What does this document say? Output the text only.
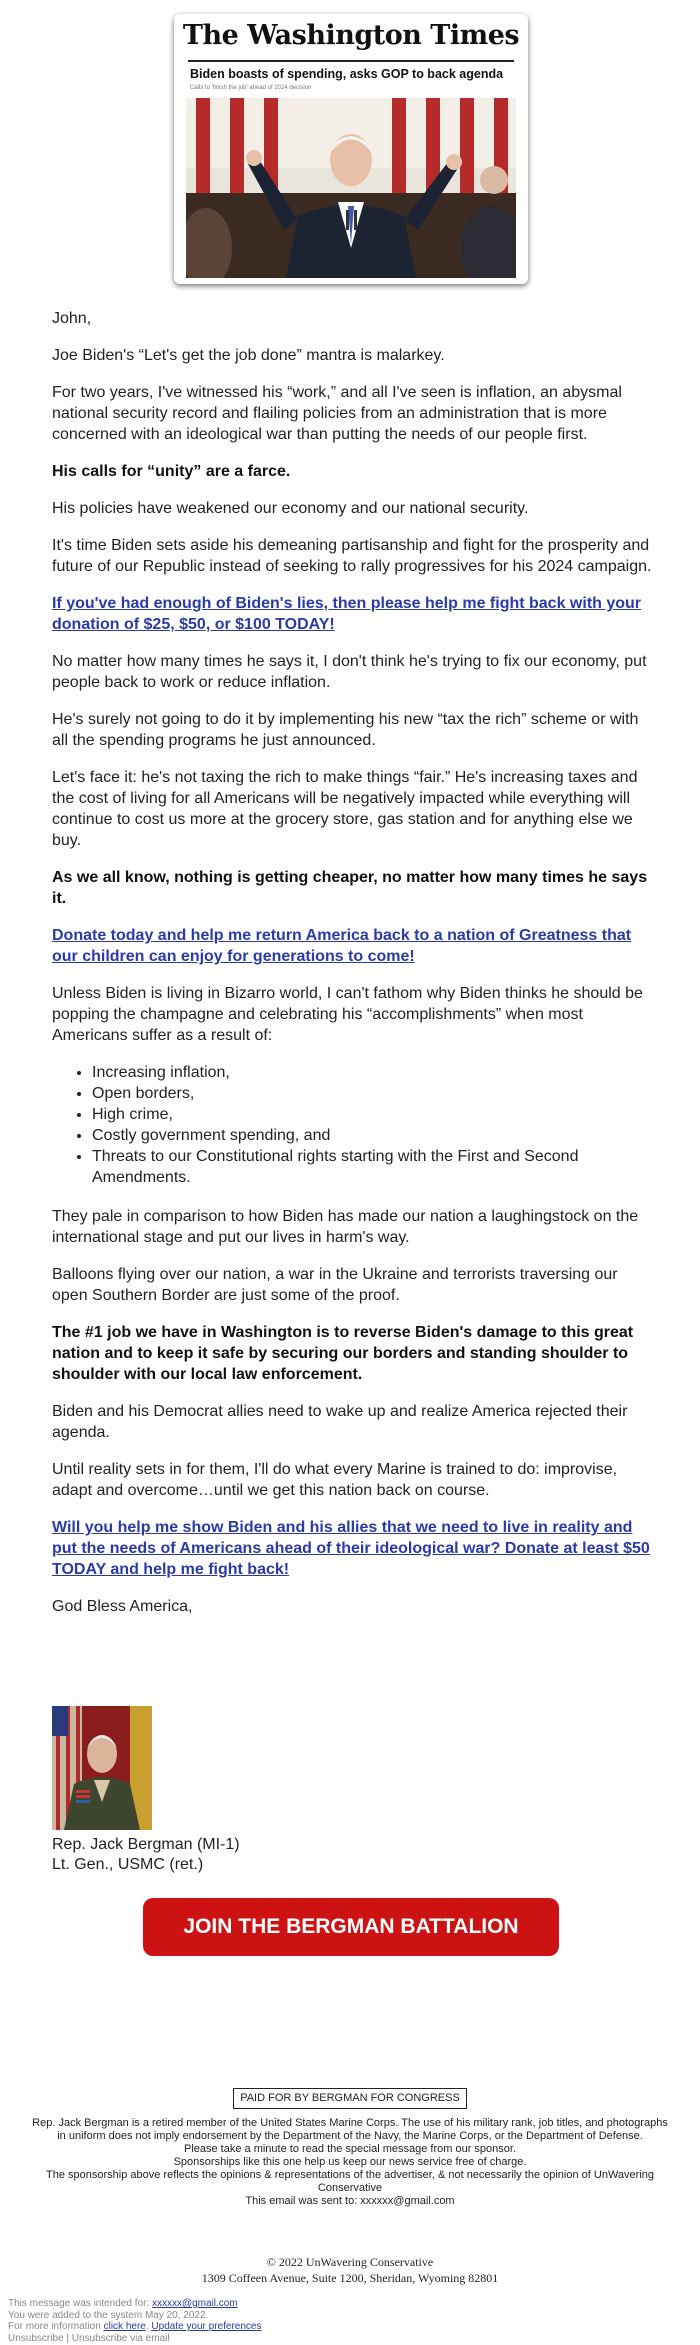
The Washington Times
Biden boasts of spending, asks GOP to back agenda
Calls to 'finish the job' ahead of 2024 decision

John,

Joe Biden's “Let's get the job done” mantra is malarkey.

For two years, I've witnessed his “work,” and all I've seen is inflation, an abysmal national security record and flailing policies from an administration that is more concerned with an ideological war than putting the needs of our people first.

His calls for “unity” are a farce.

His policies have weakened our economy and our national security.

It's time Biden sets aside his demeaning partisanship and fight for the prosperity and future of our Republic instead of seeking to rally progressives for his 2024 campaign.

If you've had enough of Biden's lies, then please help me fight back with your donation of $25, $50, or $100 TODAY!

No matter how many times he says it, I don't think he's trying to fix our economy, put people back to work or reduce inflation.

He's surely not going to do it by implementing his new “tax the rich” scheme or with all the spending programs he just announced.

Let's face it: he's not taxing the rich to make things “fair.” He's increasing taxes and the cost of living for all Americans will be negatively impacted while everything will continue to cost us more at the grocery store, gas station and for anything else we buy.

As we all know, nothing is getting cheaper, no matter how many times he says it.

Donate today and help me return America back to a nation of Greatness that our children can enjoy for generations to come!

Unless Biden is living in Bizarro world, I can't fathom why Biden thinks he should be popping the champagne and celebrating his “accomplishments” when most Americans suffer as a result of:

• Increasing inflation,
• Open borders,
• High crime,
• Costly government spending, and
• Threats to our Constitutional rights starting with the First and Second Amendments.

They pale in comparison to how Biden has made our nation a laughingstock on the international stage and put our lives in harm's way.

Balloons flying over our nation, a war in the Ukraine and terrorists traversing our open Southern Border are just some of the proof.

The #1 job we have in Washington is to reverse Biden's damage to this great nation and to keep it safe by securing our borders and standing shoulder to shoulder with our local law enforcement.

Biden and his Democrat allies need to wake up and realize America rejected their agenda.

Until reality sets in for them, I'll do what every Marine is trained to do: improvise, adapt and overcome…until we get this nation back on course.

Will you help me show Biden and his allies that we need to live in reality and put the needs of Americans ahead of their ideological war? Donate at least $50 TODAY and help me fight back!

God Bless America,

Rep. Jack Bergman (MI-1)
Lt. Gen., USMC (ret.)
JOIN THE BERGMAN BATTALION
PAID FOR BY BERGMAN FOR CONGRESS
Rep. Jack Bergman is a retired member of the United States Marine Corps. The use of his military rank, job titles, and photographs in uniform does not imply endorsement by the Department of the Navy, the Marine Corps, or the Department of Defense.
Please take a minute to read the special message from our sponsor.
Sponsorships like this one help us keep our news service free of charge.
The sponsorship above reflects the opinions & representations of the advertiser, & not necessarily the opinion of UnWavering Conservative
This email was sent to: xxxxxx@gmail.com
© 2022 UnWavering Conservative
1309 Coffeen Avenue, Suite 1200, Sheridan, Wyoming 82801
This message was intended for: xxxxxx@gmail.com
You were added to the system May 20, 2022.
For more information click here. Update your preferences
Unsubscribe | Unsubscribe via email
